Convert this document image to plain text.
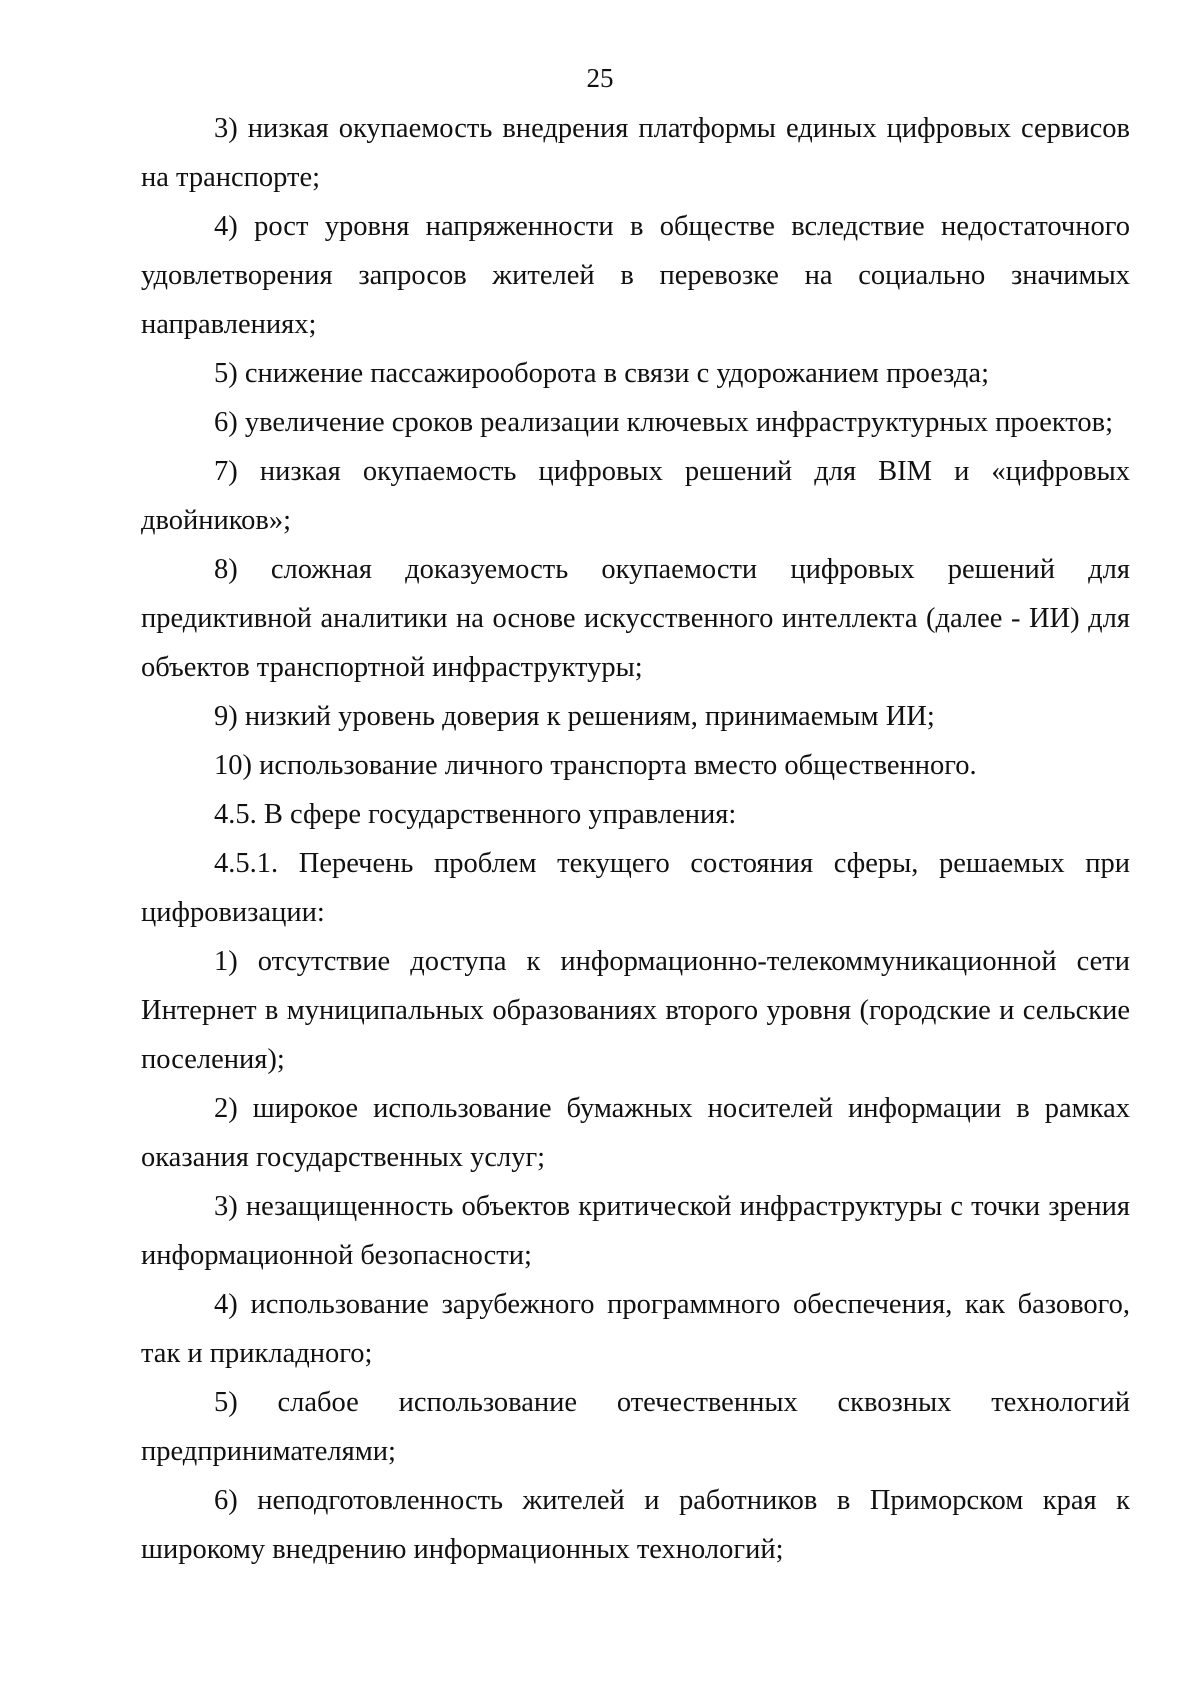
25

3) низкая окупаемость внедрения платформы единых цифровых сервисов на транспорте;

4) рост уровня напряженности в обществе вследствие недостаточного удовлетворения запросов жителей в перевозке на социально значимых направлениях;

5) снижение пассажирооборота в связи с удорожанием проезда;

6) увеличение сроков реализации ключевых инфраструктурных проектов;

7) низкая окупаемость цифровых решений для BIM и «цифровых двойников»;

8) сложная доказуемость окупаемости цифровых решений для предиктивной аналитики на основе искусственного интеллекта (далее - ИИ) для объектов транспортной инфраструктуры;

9) низкий уровень доверия к решениям, принимаемым ИИ;

10) использование личного транспорта вместо общественного.

4.5. В сфере государственного управления:

4.5.1. Перечень проблем текущего состояния сферы, решаемых при цифровизации:

1) отсутствие доступа к информационно-телекоммуникационной сети Интернет в муниципальных образованиях второго уровня (городские и сельские поселения);

2) широкое использование бумажных носителей информации в рамках оказания государственных услуг;

3) незащищенность объектов критической инфраструктуры с точки зрения информационной безопасности;

4) использование зарубежного программного обеспечения, как базового, так и прикладного;

5) слабое использование отечественных сквозных технологий предпринимателями;

6) неподготовленность жителей и работников в Приморском края к широкому внедрению информационных технологий;
